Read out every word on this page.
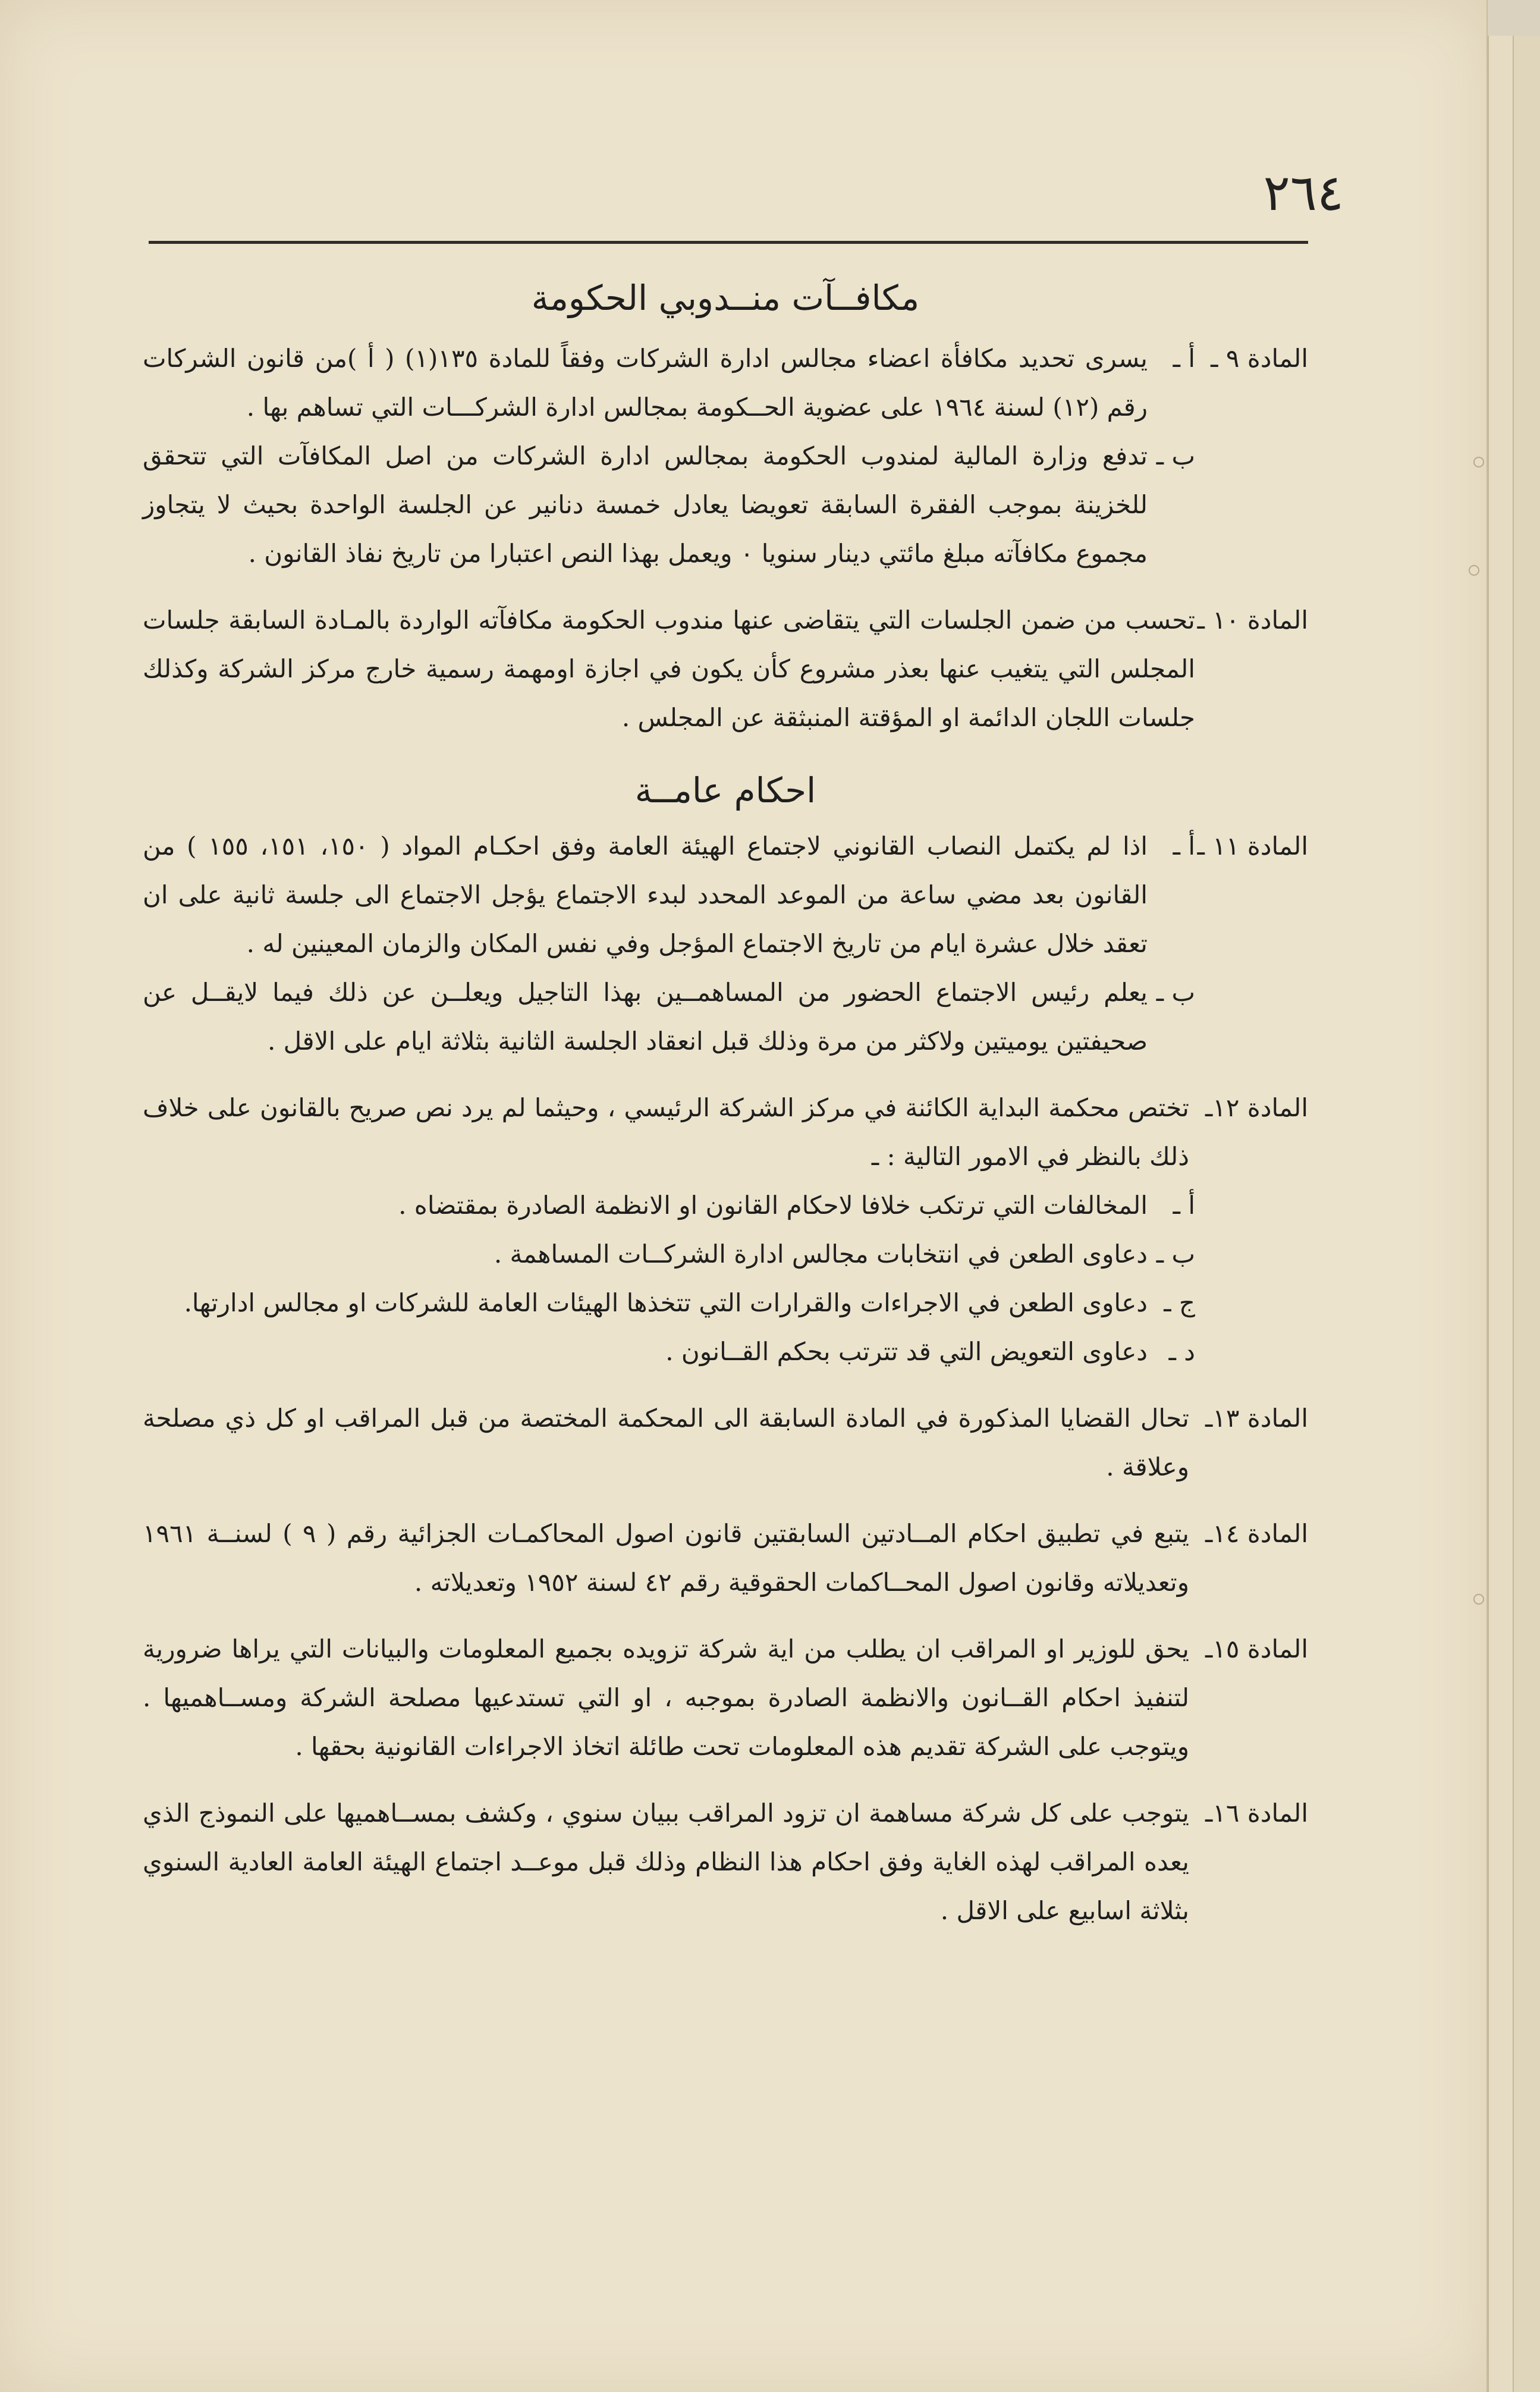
٢٦٤
مكافــآت منــدوبي الحكومة
المادة ٩ ـ
أ ـ
يسرى تحديد مكافأة اعضاء مجالس ادارة الشركات وفقاً للمادة ١٣٥(١) ( أ )من قانون الشركات رقم (١٢) لسنة ١٩٦٤ على عضوية الحــكومة بمجالس ادارة الشركـــات التي تساهم بها .
ب ـ
تدفع وزارة المالية لمندوب الحكومة بمجالس ادارة الشركات من اصل المكافآت التي تتحقق للخزينة بموجب الفقرة السابقة تعويضا يعادل خمسة دنانير عن الجلسة الواحدة بحيث لا يتجاوز مجموع مكافآته مبلغ مائتي دينار سنويا ٠ ويعمل بهذا النص اعتبارا من تاريخ نفاذ القانون .
المادة ١٠ ـ

تحسب من ضمن الجلسات التي يتقاضى عنها مندوب الحكومة مكافآته الواردة بالمـادة السابقة جلسات المجلس التي يتغيب عنها بعذر مشروع كأن يكون في اجازة اومهمة رسمية خارج مركز الشركة وكذلك جلسات اللجان الدائمة او المؤقتة المنبثقة عن المجلس .

احكام عامــة
المادة ١١ ـ
أ ـ
اذا لم يكتمل النصاب القانوني لاجتماع الهيئة العامة وفق احكـام المواد ( ١٥٠، ١٥١، ١٥٥ ) من القانون بعد مضي ساعة من الموعد المحدد لبدء الاجتماع يؤجل الاجتماع الى جلسة ثانية على ان تعقد خلال عشرة ايام من تاريخ الاجتماع المؤجل وفي نفس المكان والزمان المعينين له .
ب ـ
يعلم رئيس الاجتماع الحضور من المساهمــين بهذا التاجيل ويعلــن عن ذلك فيما لايقــل عن صحيفتين يوميتين ولاكثر من مرة وذلك قبل انعقاد الجلسة الثانية بثلاثة ايام على الاقل .
المادة ١٢ـ

تختص محكمة البداية الكائنة في مركز الشركة الرئيسي ، وحيثما لم يرد نص صريح بالقانون على خلاف ذلك بالنظر في الامور التالية : ـ

أ ـ
المخالفات التي ترتكب خلافا لاحكام القانون او الانظمة الصادرة بمقتضاه .
ب ـ
دعاوى الطعن في انتخابات مجالس ادارة الشركــات المساهمة .
ج ـ
دعاوى الطعن في الاجراءات والقرارات التي تتخذها الهيئات العامة للشركات او مجالس ادارتها.
د ـ
دعاوى التعويض التي قد تترتب بحكم القــانون .
المادة ١٣ـ

تحال القضايا المذكورة في المادة السابقة الى المحكمة المختصة من قبل المراقب او كل ذي مصلحة وعلاقة .

المادة ١٤ـ

يتبع في تطبيق احكام المــادتين السابقتين قانون اصول المحاكمـات الجزائية رقم ( ٩ ) لسنــة ١٩٦١ وتعديلاته وقانون اصول المحــاكمات الحقوقية رقم ٤٢ لسنة ١٩٥٢ وتعديلاته .

المادة ١٥ـ

يحق للوزير او المراقب ان يطلب من اية شركة تزويده بجميع المعلومات والبيانات التي يراها ضرورية لتنفيذ احكام القــانون والانظمة الصادرة بموجبه ، او التي تستدعيها مصلحة الشركة ومســاهميها . ويتوجب على الشركة تقديم هذه المعلومات تحت طائلة اتخاذ الاجراءات القانونية بحقها .

المادة ١٦ـ

يتوجب على كل شركة مساهمة ان تزود المراقب ببيان سنوي ، وكشف بمســاهميها على النموذج الذي يعده المراقب لهذه الغاية وفق احكام هذا النظام وذلك قبل موعــد اجتماع الهيئة العامة العادية السنوي بثلاثة اسابيع على الاقل .
